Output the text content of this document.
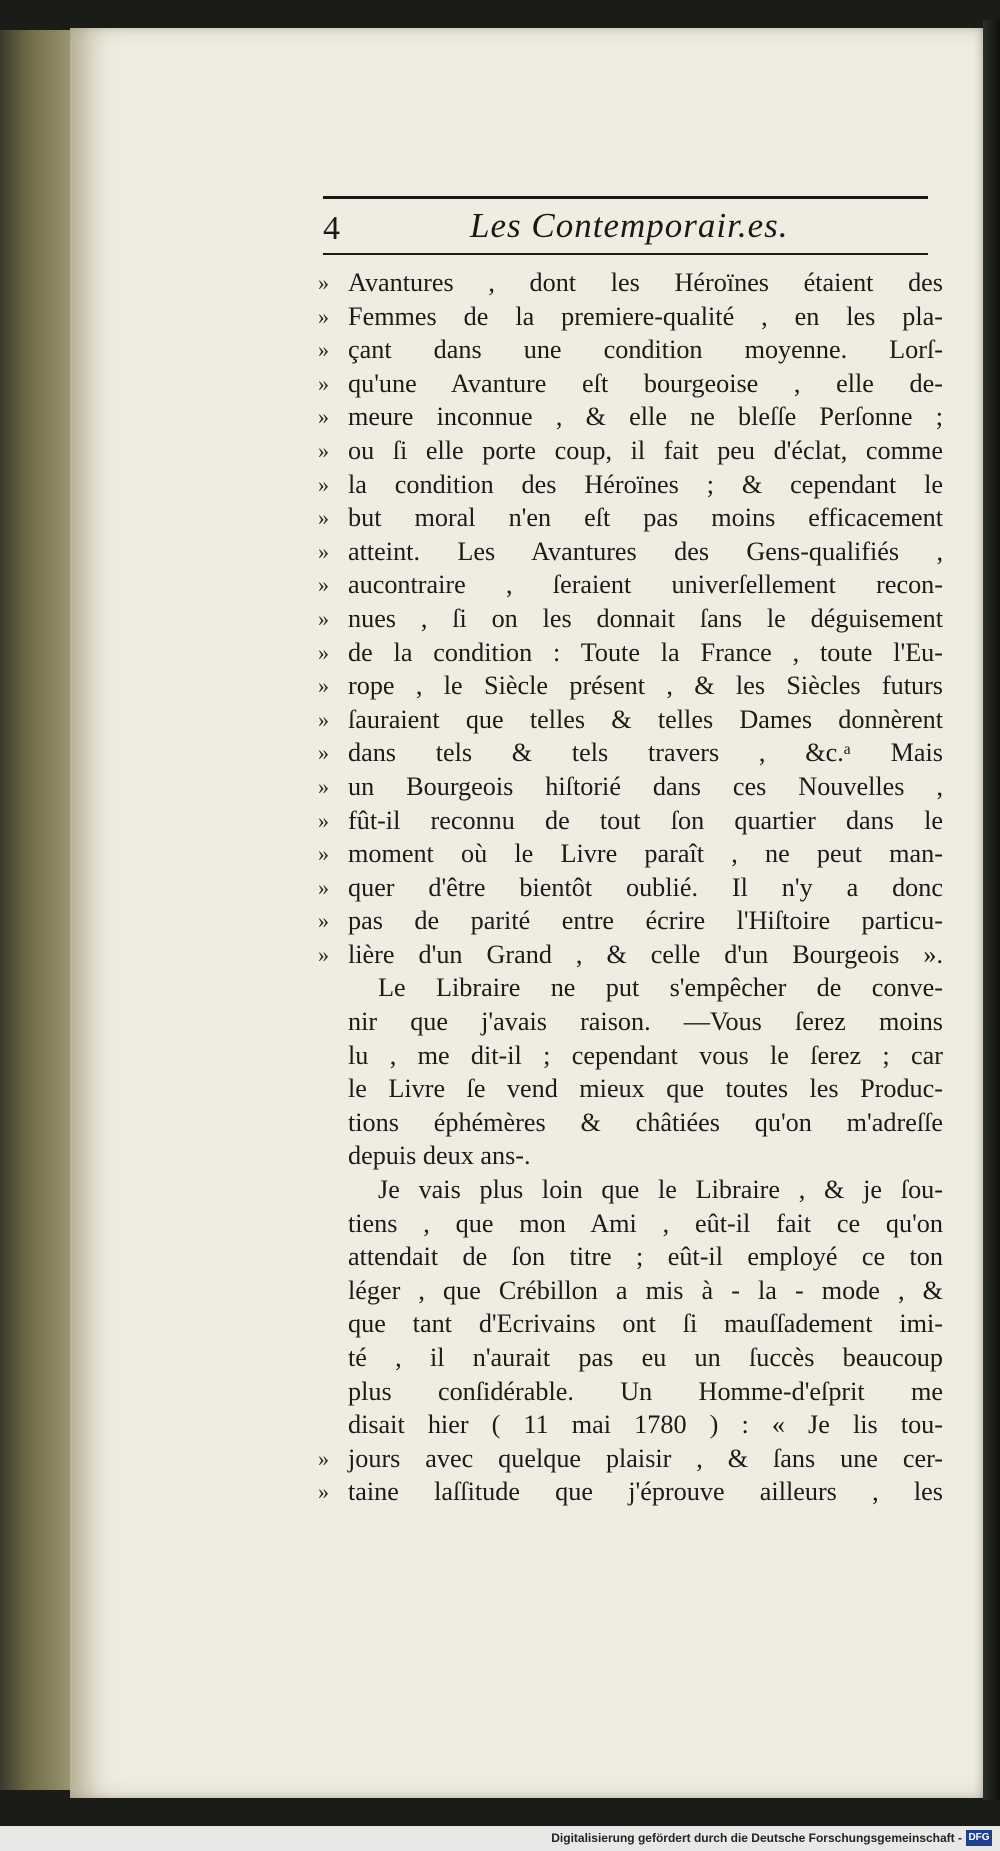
4	Les Contemporair.es.
» Avantures , dont les Héroïnes étaient des
» Femmes de la premiere-qualité , en les pla-
» çant dans une condition moyenne. Lorſ-
» qu'une Avanture eſt bourgeoise , elle de-
» meure inconnue , & elle ne bleſſe Perſonne ;
» ou ſi elle porte coup, il fait peu d'éclat, comme
» la condition des Héroïnes ; & cependant le
» but moral n'en eſt pas moins efficacement
» atteint. Les Avantures des Gens-qualifiés ,
» aucontraire , ſeraient univerſellement recon-
» nues , ſi on les donnait ſans le déguisement
» de la condition : Toute la France , toute l'Eu-
» rope , le Siècle présent , & les Siècles futurs
» ſauraient que telles & telles Dames donnèrent
» dans tels & tels travers , &c.ᵃ Mais
» un Bourgeois hiſtorié dans ces Nouvelles ,
» fût-il reconnu de tout ſon quartier dans le
» moment où le Livre paraît , ne peut man-
» quer d'être bientôt oublié. Il n'y a donc
» pas de parité entre écrire l'Hiſtoire particu-
» lière d'un Grand , & celle d'un Bourgeois ».
Le Libraire ne put s'empêcher de conve-
nir que j'avais raison. —Vous ſerez moins
lu , me dit-il ; cependant vous le ſerez ; car
le Livre ſe vend mieux que toutes les Produc-
tions éphémères & châtiées qu'on m'adreſſe
depuis deux ans-.
Je vais plus loin que le Libraire , & je ſou-
tiens , que mon Ami , eût-il fait ce qu'on
attendait de ſon titre ; eût-il employé ce ton
léger , que Crébillon a mis à - la - mode , &
que tant d'Ecrivains ont ſi mauſſadement imi-
té , il n'aurait pas eu un ſuccès beaucoup
plus conſidérable. Un Homme-d'eſprit me
disait hier ( 11 mai 1780 ) : « Je lis tou-
» jours avec quelque plaisir , & ſans une cer-
» taine laſſitude que j'éprouve ailleurs , les
Digitalisierung gefördert durch die Deutsche Forschungsgemeinschaft - DFG
